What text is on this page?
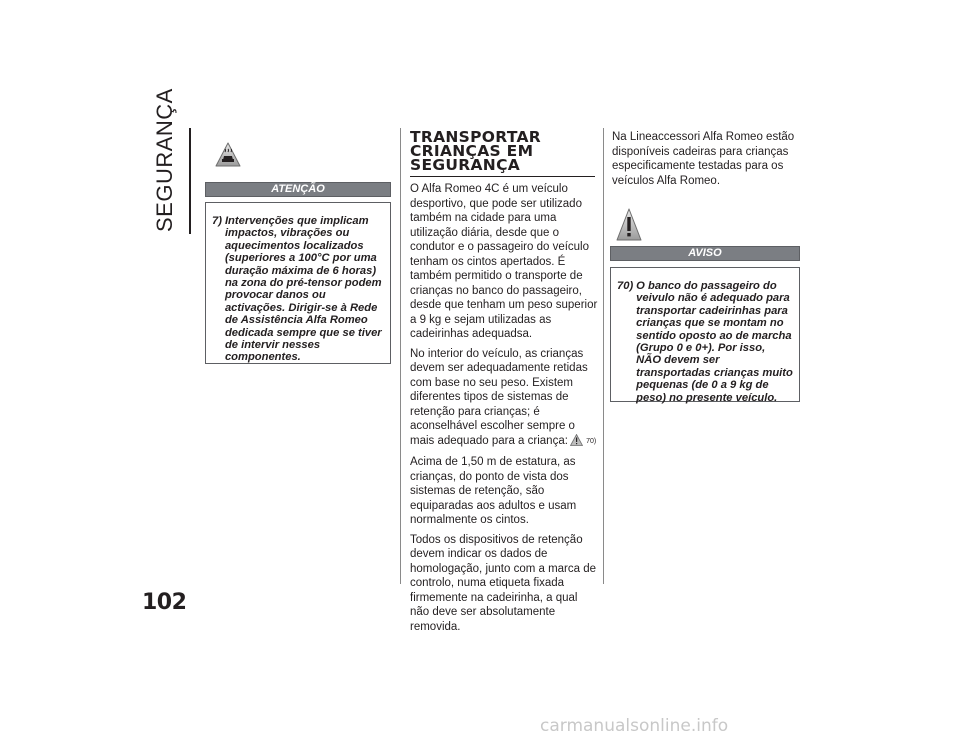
SEGURANÇA
102
ATENÇÃO
7) Intervenções que implicam impactos, vibrações ou aquecimentos localizados (superiores a 100°C por uma duração máxima de 6 horas) na zona do pré-tensor podem provocar danos ou activações. Dirigir-se à Rede de Assistência Alfa Romeo dedicada sempre que se tiver de intervir nesses componentes.
TRANSPORTAR CRIANÇAS EM SEGURANÇA

O Alfa Romeo 4C é um veículo desportivo, que pode ser utilizado também na cidade para uma utilização diária, desde que o condutor e o passageiro do veículo tenham os cintos apertados. É também permitido o transporte de crianças no banco do passageiro, desde que tenham um peso superior a 9 kg e sejam utilizadas as cadeirinhas adequadsa.

No interior do veículo, as crianças devem ser adequadamente retidas com base no seu peso. Existem diferentes tipos de sistemas de retenção para crianças; é aconselhável escolher sempre o mais adequado para a criança:	70)

Acima de 1,50 m de estatura, as crianças, do ponto de vista dos sistemas de retenção, são equiparadas aos adultos e usam normalmente os cintos.

Todos os dispositivos de retenção devem indicar os dados de homologação, junto com a marca de controlo, numa etiqueta fixada firmemente na cadeirinha, a qual não deve ser absolutamente removida.

Na Lineaccessori Alfa Romeo estão disponíveis cadeiras para crianças especificamente testadas para os veículos Alfa Romeo.
AVISO
70) O banco do passageiro do veivulo não é adequado para transportar cadeirinhas para crianças que se montam no sentido oposto ao de marcha (Grupo 0 e 0+). Por isso, NÃO devem ser transportadas crianças muito pequenas (de 0 a 9 kg de peso) no presente veículo.
carmanualsonline.info
